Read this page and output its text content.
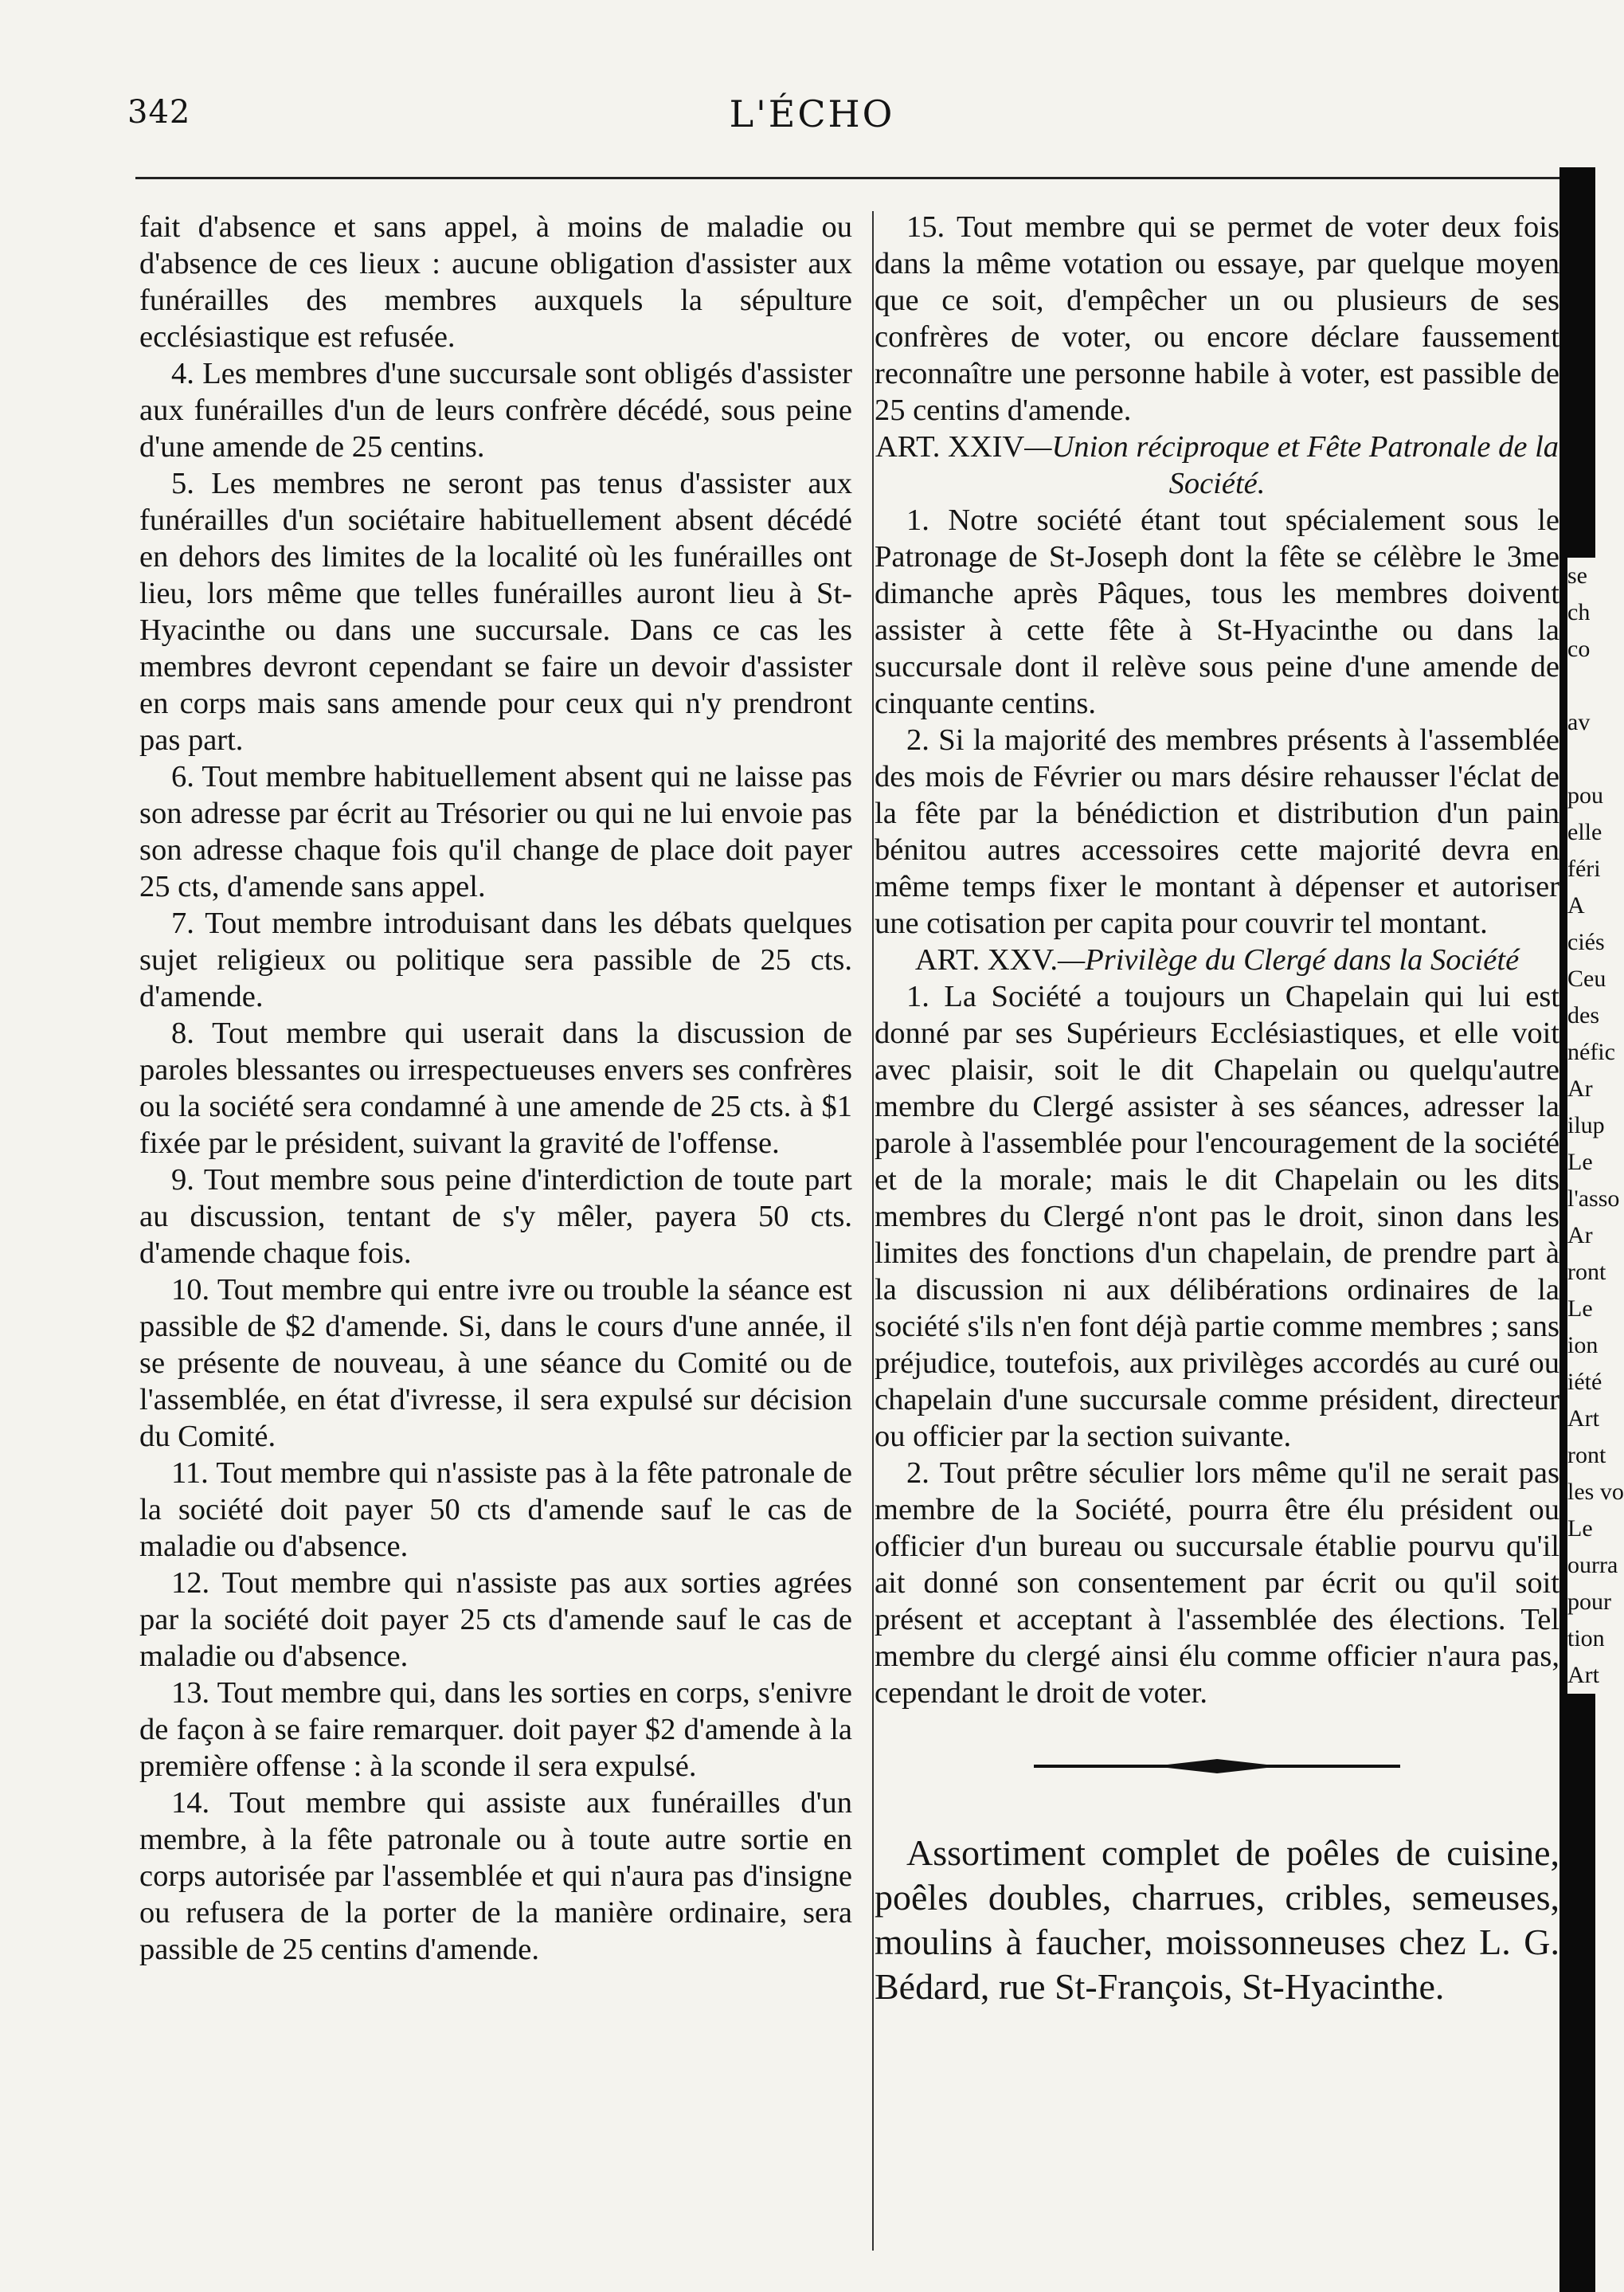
342	L'ÉCHO

fait d'absence et sans appel, à moins de maladie ou d'absence de ces lieux : aucune obligation d'assister aux funérailles des membres auxquels la sépulture ecclésiastique est refusée.

4. Les membres d'une succursale sont obligés d'assister aux funérailles d'un de leurs confrère décédé, sous peine d'une amende de 25 centins.

5. Les membres ne seront pas tenus d'assister aux funérailles d'un sociétaire habituellement absent décédé en dehors des limites de la localité où les funérailles ont lieu, lors même que telles funérailles auront lieu à St-Hyacinthe ou dans une succursale. Dans ce cas les membres devront cependant se faire un devoir d'assister en corps mais sans amende pour ceux qui n'y prendront pas part.

6. Tout membre habituellement absent qui ne laisse pas son adresse par écrit au Trésorier ou qui ne lui envoie pas son adresse chaque fois qu'il change de place doit payer 25 cts, d'amende sans appel.

7. Tout membre introduisant dans les débats quelques sujet religieux ou politique sera passible de 25 cts. d'amende.

8. Tout membre qui userait dans la discussion de paroles blessantes ou irrespectueuses envers ses confrères ou la société sera condamné à une amende de 25 cts. à $1 fixée par le président, suivant la gravité de l'offense.

9. Tout membre sous peine d'interdiction de toute part au discussion, tentant de s'y mêler, payera 50 cts. d'amende chaque fois.

10. Tout membre qui entre ivre ou trouble la séance est passible de $2 d'amende. Si, dans le cours d'une année, il se présente de nouveau, à une séance du Comité ou de l'assemblée, en état d'ivresse, il sera expulsé sur décision du Comité.

11. Tout membre qui n'assiste pas à la fête patronale de la société doit payer 50 cts d'amende sauf le cas de maladie ou d'absence.

12. Tout membre qui n'assiste pas aux sorties agrées par la société doit payer 25 cts d'amende sauf le cas de maladie ou d'absence.

13. Tout membre qui, dans les sorties en corps, s'enivre de façon à se faire remarquer. doit payer $2 d'amende à la première offense : à la sconde il sera expulsé.

14. Tout membre qui assiste aux funérailles d'un membre, à la fête patronale ou à toute autre sortie en corps autorisée par l'assemblée et qui n'aura pas d'insigne ou refusera de la porter de la manière ordinaire, sera passible de 25 centins d'amende.

15. Tout membre qui se permet de voter deux fois dans la même votation ou essaye, par quelque moyen que ce soit, d'empêcher un ou plusieurs de ses confrères de voter, ou encore déclare faussement reconnaître une personne habile à voter, est passible de 25 centins d'amende.

ART. XXIV—Union réciproque et Fête Patronale de la Société.

1. Notre société étant tout spécialement sous le Patronage de St-Joseph dont la fête se célèbre le 3me dimanche après Pâques, tous les membres doivent assister à cette fête à St-Hyacinthe ou dans la succursale dont il relève sous peine d'une amende de cinquante centins.

2. Si la majorité des membres présents à l'assemblée des mois de Février ou mars désire rehausser l'éclat de la fête par la bénédiction et distribution d'un pain bénitou autres accessoires cette majorité devra en même temps fixer le montant à dépenser et autoriser une cotisation per capita pour couvrir tel montant.

ART. XXV.—Privilège du Clergé dans la Société

1. La Société a toujours un Chapelain qui lui est donné par ses Supérieurs Ecclésiastiques, et elle voit avec plaisir, soit le dit Chapelain ou quelqu'autre membre du Clergé assister à ses séances, adresser la parole à l'assemblée pour l'encouragement de la société et de la morale; mais le dit Chapelain ou les dits membres du Clergé n'ont pas le droit, sinon dans les limites des fonctions d'un chapelain, de prendre part à la discussion ni aux délibérations ordinaires de la société s'ils n'en font déjà partie comme membres ; sans préjudice, toutefois, aux privilèges accordés au curé ou chapelain d'une succursale comme président, directeur ou officier par la section suivante.

2. Tout prêtre séculier lors même qu'il ne serait pas membre de la Société, pourra être élu président ou officier d'un bureau ou succursale établie pourvu qu'il ait donné son consentement par écrit ou qu'il soit présent et acceptant à l'assemblée des élections. Tel membre du clergé ainsi élu comme officier n'aura pas, cependant le droit de voter.

Assortiment complet de poêles de cuisine, poêles doubles, charrues, cribles, semeuses, moulins à faucher, moissonneuses chez L. G. Bédard, rue St-François, St-Hyacinthe.

se
ch
co

av

pou
elle
féri
A
ciés
Ceu
des
néfic
Ar
ilup
Le
l'asso
Ar
ront
Le
ion
iété
Art
ront
les vo
Le
ourra
pour
tion
Art
